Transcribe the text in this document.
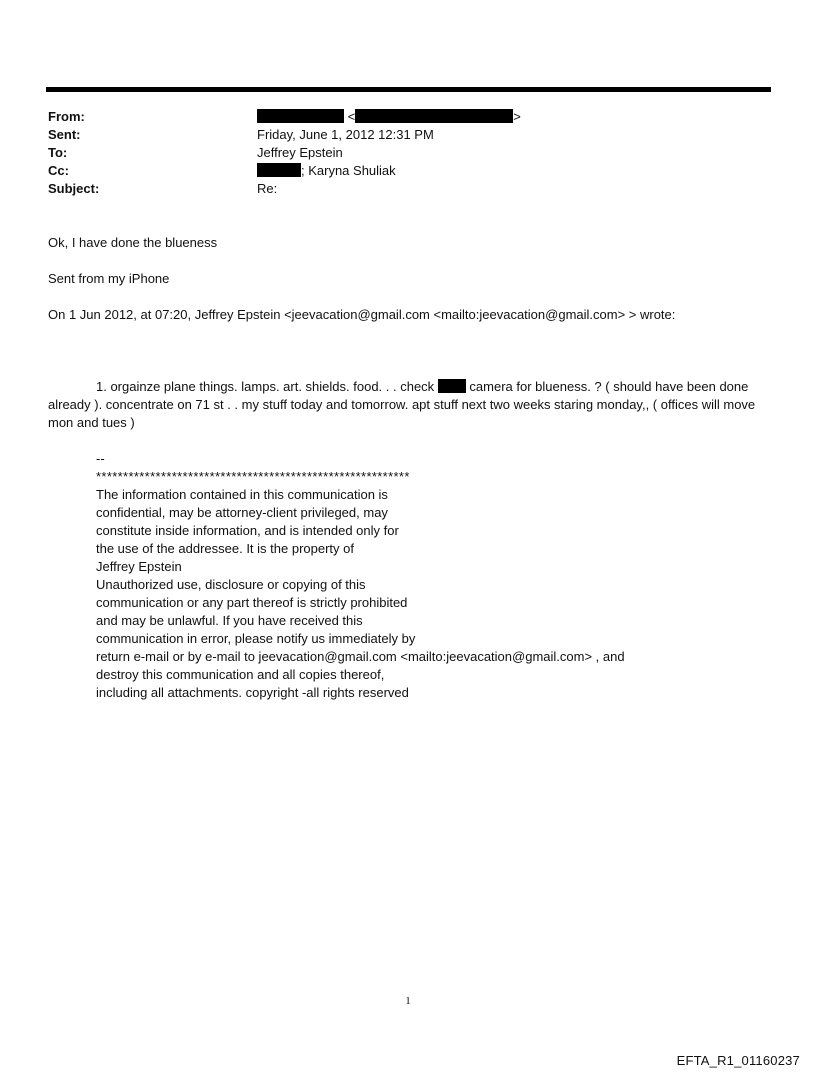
From:	<	>
Sent:	Friday, June 1, 2012 12:31 PM
To:	Jeffrey Epstein
Cc:	; Karyna Shuliak
Subject:	Re:
Ok, I have done the blueness
Sent from my iPhone
On 1 Jun 2012, at 07:20, Jeffrey Epstein <jeevacation@gmail.com <mailto:jeevacation@gmail.com> > wrote:
1. orgainze plane things. lamps. art. shields. food. . . check  camera for blueness. ? ( should have been done already ). concentrate on 71 st . . my stuff today and tomorrow. apt stuff next two weeks staring monday,, ( offices will move mon and tues )
--
**********************************************************
The information contained in this communication is
confidential, may be attorney-client privileged, may
constitute inside information, and is intended only for
the use of the addressee. It is the property of
Jeffrey Epstein
Unauthorized use, disclosure or copying of this
communication or any part thereof is strictly prohibited
and may be unlawful. If you have received this
communication in error, please notify us immediately by
return e-mail or by e-mail to jeevacation@gmail.com <mailto:jeevacation@gmail.com> , and
destroy this communication and all copies thereof,
including all attachments. copyright -all rights reserved
1
EFTA_R1_01160237
